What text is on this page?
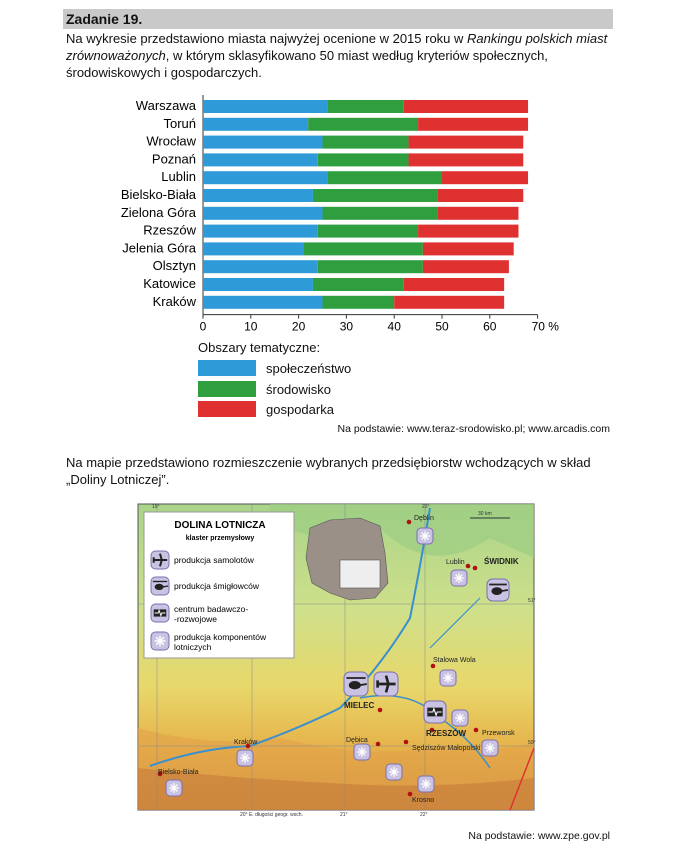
Zadanie 19.
Na wykresie przedstawiono miasta najwyżej ocenione w 2015 roku w Rankingu polskich miast zrównoważonych, w którym sklasyfikowano 50 miast według kryteriów społecznych, środowiskowych i gospodarczych.
Warszawa
Toruń
Wrocław
Poznań
Lublin
Bielsko-Biała
Zielona Góra
Rzeszów
Jelenia Góra
Olsztyn
Katowice
Kraków
0	10	20	30	40	50	60	70 %
Obszary tematyczne:
społeczeństwo
środowisko
gospodarka
Na podstawie: www.teraz-srodowisko.pl; www.arcadis.com
Na mapie przedstawiono rozmieszczenie wybranych przedsiębiorstw wchodzących w skład „Doliny Lotniczej”.
19°	22°
51°
50°
20° E. długości geogr. wsch.	21°	22°
30 km
DOLINA LOTNICZA
klaster przemysłowy
produkcja samolotów
produkcja śmigłowców
centrum badawczo-
-rozwojowe
produkcja komponentów
lotniczych
Dęblin
Lublin ŚWIDNIK
Stalowa Wola
MIELEC
RZESZÓW Przeworsk
Dębica
Sędziszów Małopolski
Kraków
Bielsko-Biała
Krosno
Na podstawie: www.zpe.gov.pl
